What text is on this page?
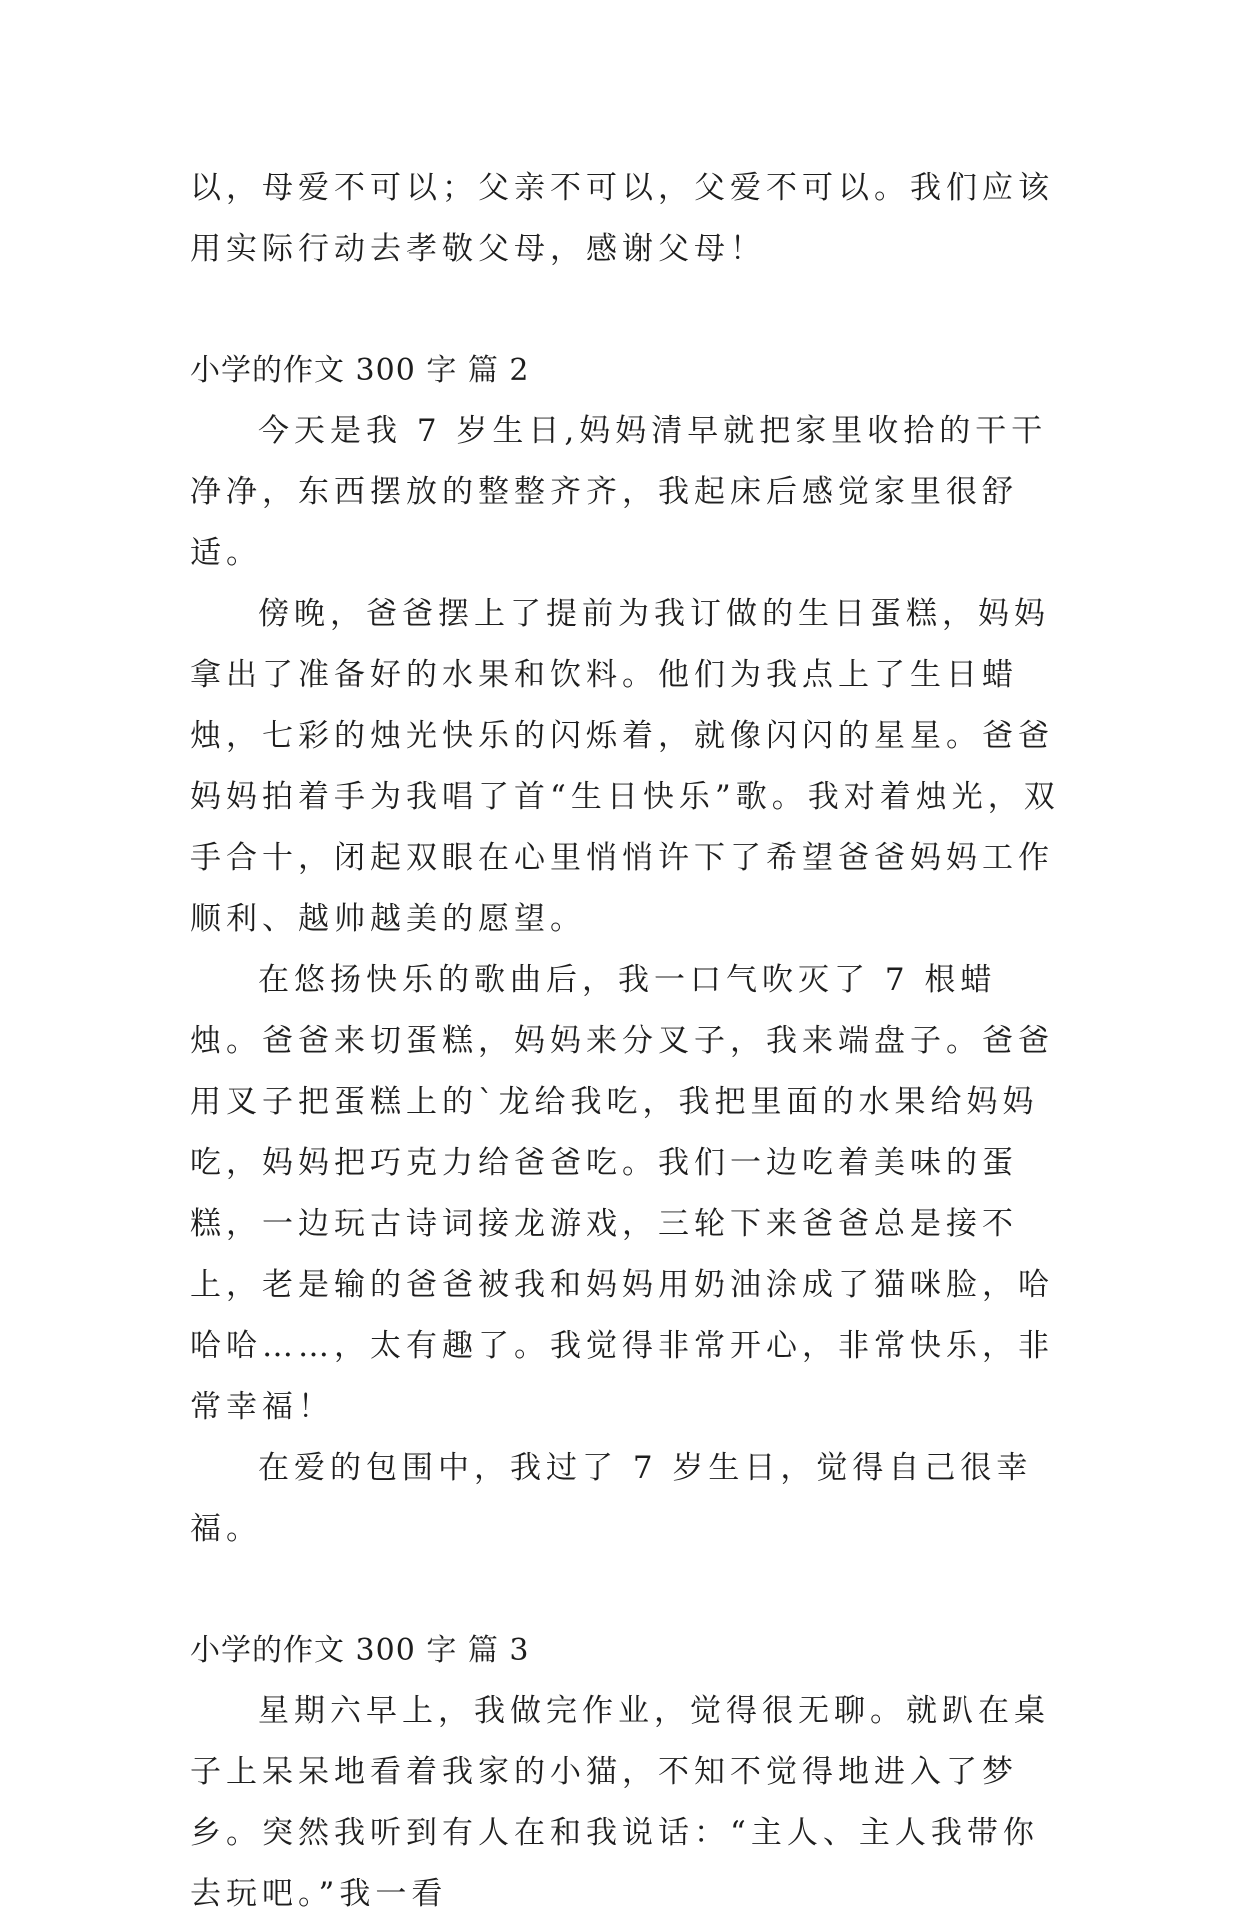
以，母爱不可以；父亲不可以，父爱不可以。我们应该用实际行动去孝敬父母，感谢父母！

小学的作文 300 字 篇 2

今天是我 7 岁生日,妈妈清早就把家里收拾的干干净净，东西摆放的整整齐齐，我起床后感觉家里很舒适。

傍晚，爸爸摆上了提前为我订做的生日蛋糕，妈妈拿出了准备好的水果和饮料。他们为我点上了生日蜡烛，七彩的烛光快乐的闪烁着，就像闪闪的星星。爸爸妈妈拍着手为我唱了首“生日快乐”歌。我对着烛光，双手合十，闭起双眼在心里悄悄许下了希望爸爸妈妈工作顺利、越帅越美的愿望。

在悠扬快乐的歌曲后，我一口气吹灭了 7 根蜡烛。爸爸来切蛋糕，妈妈来分叉子，我来端盘子。爸爸用叉子把蛋糕上的`龙给我吃，我把里面的水果给妈妈吃，妈妈把巧克力给爸爸吃。我们一边吃着美味的蛋糕，一边玩古诗词接龙游戏，三轮下来爸爸总是接不上，老是输的爸爸被我和妈妈用奶油涂成了猫咪脸，哈哈哈……，太有趣了。我觉得非常开心，非常快乐，非常幸福！

在爱的包围中，我过了 7 岁生日，觉得自己很幸福。

小学的作文 300 字 篇 3

星期六早上，我做完作业，觉得很无聊。就趴在桌子上呆呆地看着我家的小猫，不知不觉得地进入了梦乡。突然我听到有人在和我说话：“主人、主人我带你去玩吧。”我一看
